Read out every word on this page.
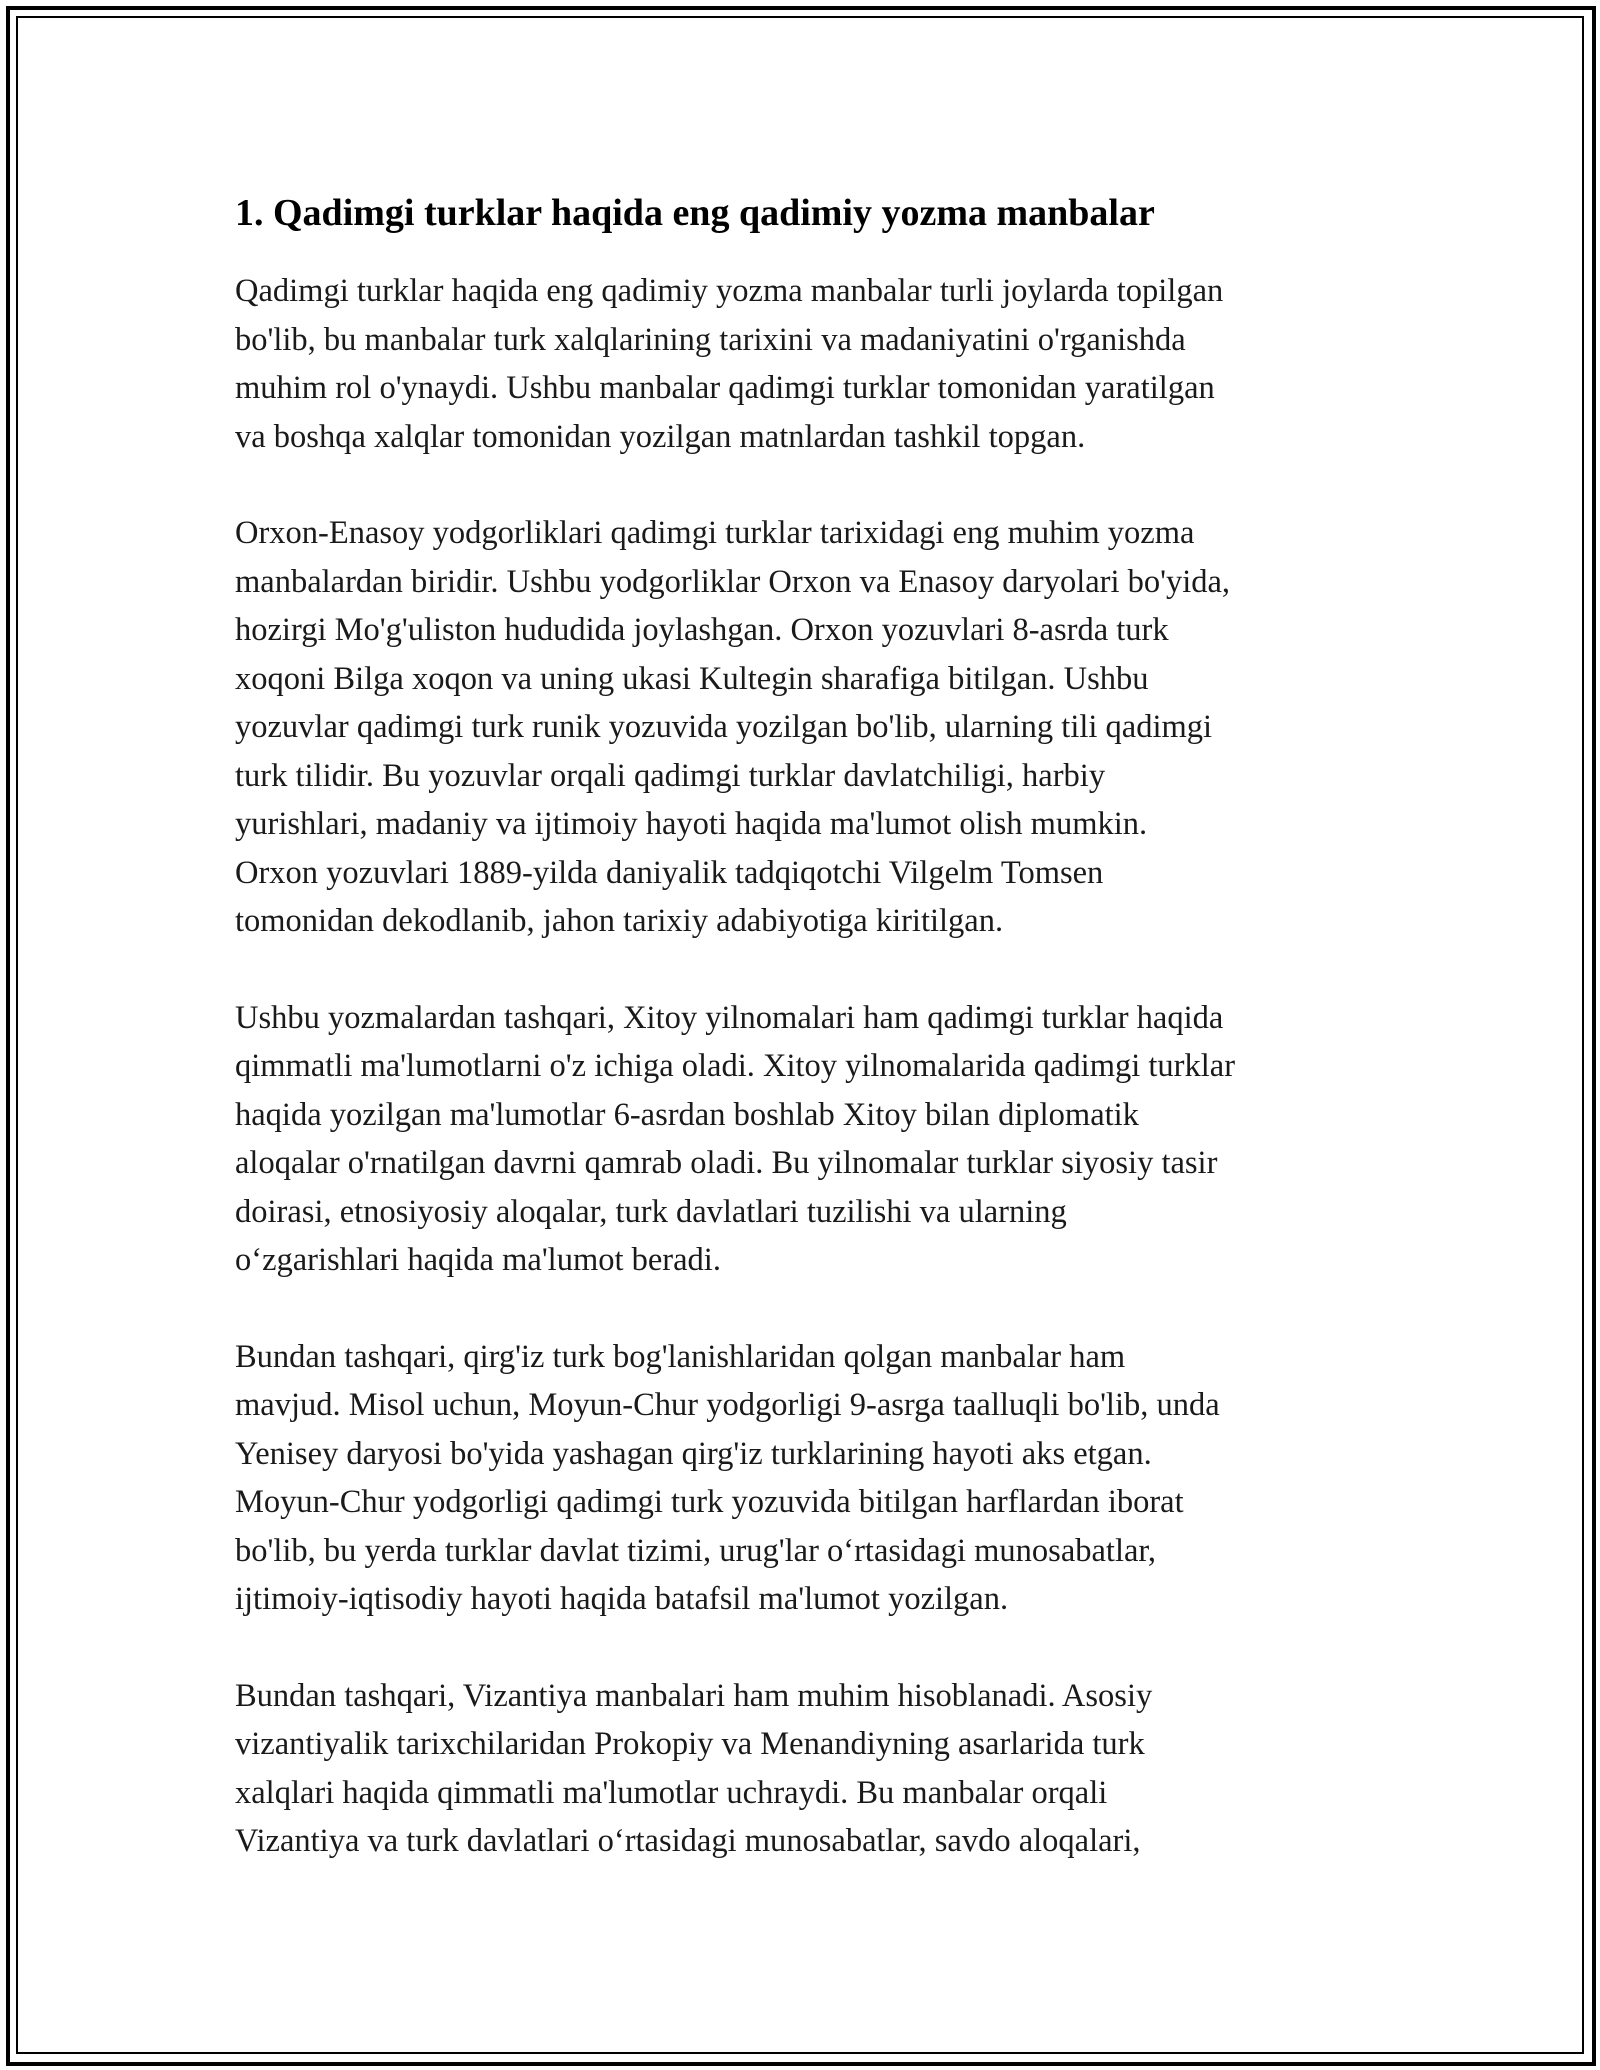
1. Qadimgi turklar haqida eng qadimiy yozma manbalar

Qadimgi turklar haqida eng qadimiy yozma manbalar turli joylarda topilgan
bo'lib, bu manbalar turk xalqlarining tarixini va madaniyatini o'rganishda
muhim rol o'ynaydi. Ushbu manbalar qadimgi turklar tomonidan yaratilgan
va boshqa xalqlar tomonidan yozilgan matnlardan tashkil topgan.

Orxon-Enasoy yodgorliklari qadimgi turklar tarixidagi eng muhim yozma
manbalardan biridir. Ushbu yodgorliklar Orxon va Enasoy daryolari bo'yida,
hozirgi Mo'g'uliston hududida joylashgan. Orxon yozuvlari 8-asrda turk
xoqoni Bilga xoqon va uning ukasi Kultegin sharafiga bitilgan. Ushbu
yozuvlar qadimgi turk runik yozuvida yozilgan bo'lib, ularning tili qadimgi
turk tilidir. Bu yozuvlar orqali qadimgi turklar davlatchiligi, harbiy
yurishlari, madaniy va ijtimoiy hayoti haqida ma'lumot olish mumkin.
Orxon yozuvlari 1889-yilda daniyalik tadqiqotchi Vilgelm Tomsen
tomonidan dekodlanib, jahon tarixiy adabiyotiga kiritilgan.

Ushbu yozmalardan tashqari, Xitoy yilnomalari ham qadimgi turklar haqida
qimmatli ma'lumotlarni o'z ichiga oladi. Xitoy yilnomalarida qadimgi turklar
haqida yozilgan ma'lumotlar 6-asrdan boshlab Xitoy bilan diplomatik
aloqalar o'rnatilgan davrni qamrab oladi. Bu yilnomalar turklar siyosiy tasir
doirasi, etnosiyosiy aloqalar, turk davlatlari tuzilishi va ularning
o‘zgarishlari haqida ma'lumot beradi.

Bundan tashqari, qirg'iz turk bog'lanishlaridan qolgan manbalar ham
mavjud. Misol uchun, Moyun-Chur yodgorligi 9-asrga taalluqli bo'lib, unda
Yenisey daryosi bo'yida yashagan qirg'iz turklarining hayoti aks etgan.
Moyun-Chur yodgorligi qadimgi turk yozuvida bitilgan harflardan iborat
bo'lib, bu yerda turklar davlat tizimi, urug'lar o‘rtasidagi munosabatlar,
ijtimoiy-iqtisodiy hayoti haqida batafsil ma'lumot yozilgan.

Bundan tashqari, Vizantiya manbalari ham muhim hisoblanadi. Asosiy
vizantiyalik tarixchilaridan Prokopiy va Menandiyning asarlarida turk
xalqlari haqida qimmatli ma'lumotlar uchraydi. Bu manbalar orqali
Vizantiya va turk davlatlari o‘rtasidagi munosabatlar, savdo aloqalari,
